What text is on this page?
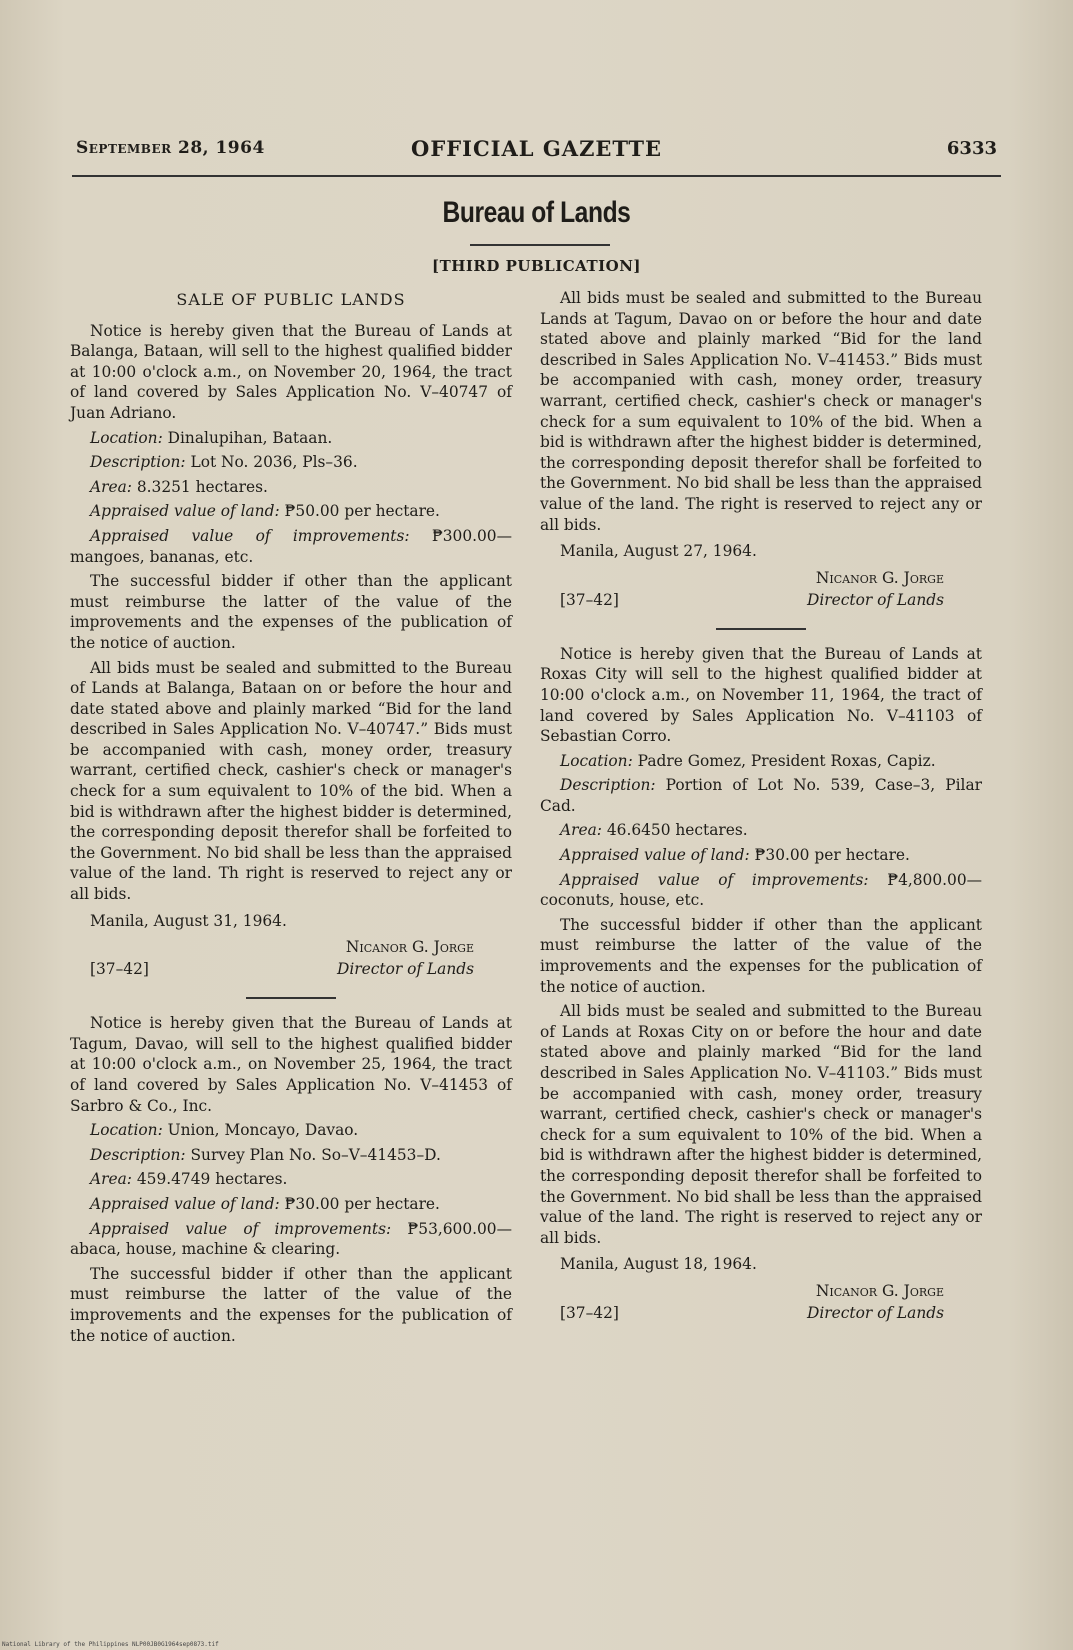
September 28, 1964	OFFICIAL GAZETTE	6333
Bureau of Lands
[THIRD PUBLICATION]

SALE OF PUBLIC LANDS

Notice is hereby given that the Bureau of Lands at Balanga, Bataan, will sell to the highest qualified bidder at 10:00 o'clock a.m., on November 20, 1964, the tract of land covered by Sales Application No. V–40747 of Juan Adriano.

Location: Dinalupihan, Bataan.

Description: Lot No. 2036, Pls–36.

Area: 8.3251 hectares.

Appraised value of land: ₱50.00 per hectare.

Appraised value of improvements: ₱300.00—mangoes, bananas, etc.

The successful bidder if other than the applicant must reimburse the latter of the value of the improvements and the expenses of the publication of the notice of auction.

All bids must be sealed and submitted to the Bureau of Lands at Balanga, Bataan on or before the hour and date stated above and plainly marked “Bid for the land described in Sales Application No. V–40747.” Bids must be accompanied with cash, money order, treasury warrant, certified check, cashier's check or manager's check for a sum equivalent to 10% of the bid. When a bid is withdrawn after the highest bidder is determined, the corresponding deposit therefor shall be forfeited to the Government. No bid shall be less than the appraised value of the land. Th right is reserved to reject any or all bids.

Manila, August 31, 1964.

Nicanor G. Jorge
[37–42]	Director of Lands

Notice is hereby given that the Bureau of Lands at Tagum, Davao, will sell to the highest qualified bidder at 10:00 o'clock a.m., on November 25, 1964, the tract of land covered by Sales Application No. V–41453 of Sarbro & Co., Inc.

Location: Union, Moncayo, Davao.

Description: Survey Plan No. So–V–41453–D.

Area: 459.4749 hectares.

Appraised value of land: ₱30.00 per hectare.

Appraised value of improvements: ₱53,600.00—abaca, house, machine & clearing.

The successful bidder if other than the applicant must reimburse the latter of the value of the improvements and the expenses for the publication of the notice of auction.

All bids must be sealed and submitted to the Bureau Lands at Tagum, Davao on or before the hour and date stated above and plainly marked “Bid for the land described in Sales Application No. V–41453.” Bids must be accompanied with cash, money order, treasury warrant, certified check, cashier's check or manager's check for a sum equivalent to 10% of the bid. When a bid is withdrawn after the highest bidder is determined, the corresponding deposit therefor shall be forfeited to the Government. No bid shall be less than the appraised value of the land. The right is reserved to reject any or all bids.

Manila, August 27, 1964.

Nicanor G. Jorge
[37–42]	Director of Lands

Notice is hereby given that the Bureau of Lands at Roxas City will sell to the highest qualified bidder at 10:00 o'clock a.m., on November 11, 1964, the tract of land covered by Sales Application No. V–41103 of Sebastian Corro.

Location: Padre Gomez, President Roxas, Capiz.

Description: Portion of Lot No. 539, Case–3, Pilar Cad.

Area: 46.6450 hectares.

Appraised value of land: ₱30.00 per hectare.

Appraised value of improvements: ₱4,800.00—coconuts, house, etc.

The successful bidder if other than the applicant must reimburse the latter of the value of the improvements and the expenses for the publication of the notice of auction.

All bids must be sealed and submitted to the Bureau of Lands at Roxas City on or before the hour and date stated above and plainly marked “Bid for the land described in Sales Application No. V–41103.” Bids must be accompanied with cash, money order, treasury warrant, certified check, cashier's check or manager's check for a sum equivalent to 10% of the bid. When a bid is withdrawn after the highest bidder is determined, the corresponding deposit therefor shall be forfeited to the Government. No bid shall be less than the appraised value of the land. The right is reserved to reject any or all bids.

Manila, August 18, 1964.

Nicanor G. Jorge
[37–42]	Director of Lands
National Library of the Philippines NLP00JB0G1964sep0873.tif
